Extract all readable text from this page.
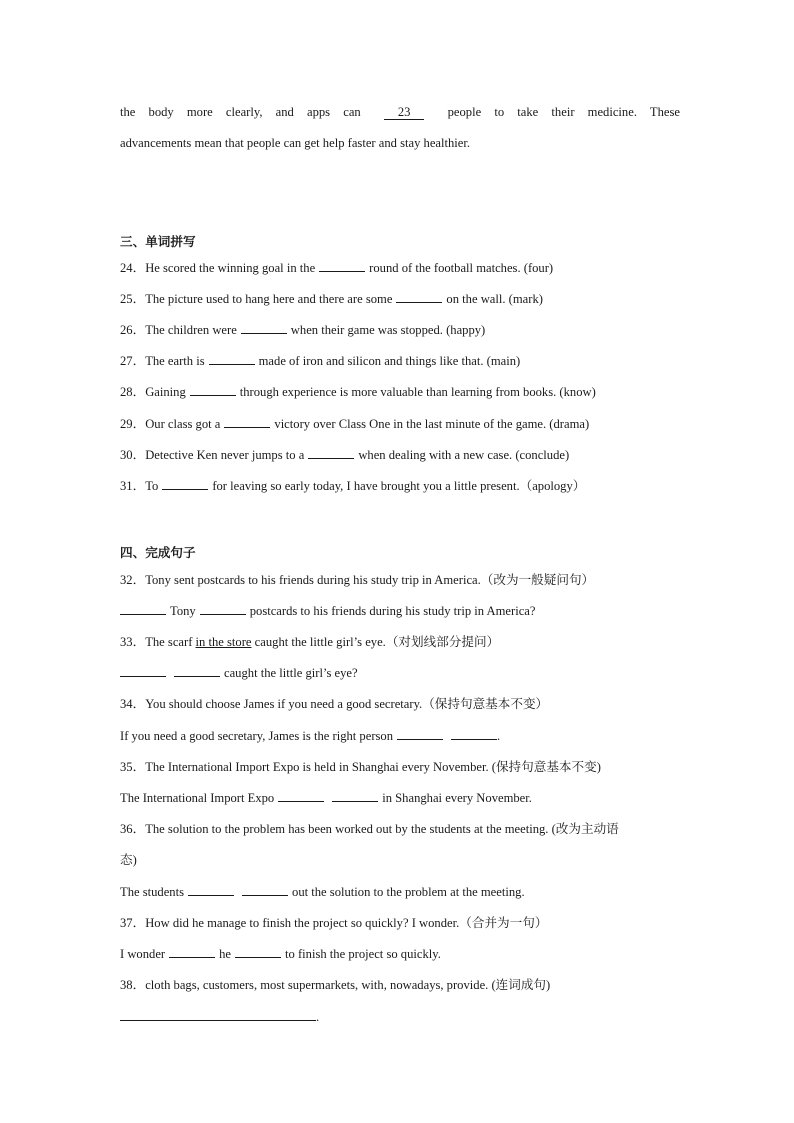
the body more clearly, and apps can	23	people to take their medicine. These
advancements mean that people can get help faster and stay healthier.
三、单词拼写
24．He scored the winning goal in the	round of the football matches. (four)
25．The picture used to hang here and there are some	on the wall. (mark)
26．The children were	when their game was stopped. (happy)
27．The earth is	made of iron and silicon and things like that. (main)
28．Gaining	through experience is more valuable than learning from books. (know)
29．Our class got a	victory over Class One in the last minute of the game. (drama)
30．Detective Ken never jumps to a	when dealing with a new case. (conclude)
31．To	for leaving so early today, I have brought you a little present.（apology）
四、完成句子
32．Tony sent postcards to his friends during his study trip in America.（改为一般疑问句）
Tony	postcards to his friends during his study trip in America?
33．The scarf in the store caught the little girl’s eye.（对划线部分提问）
caught the little girl’s eye?
34．You should choose James if you need a good secretary.（保持句意基本不变）
If you need a good secretary, James is the right person	.
35．The International Import Expo is held in Shanghai every November. (保持句意基本不变)
The International Import Expo	in Shanghai every November.
36．The solution to the problem has been worked out by the students at the meeting. (改为主动语
态)
The students	out the solution to the problem at the meeting.
37．How did he manage to finish the project so quickly? I wonder.（合并为一句）
I wonder	he	to finish the project so quickly.
38．cloth bags, customers, most supermarkets, with, nowadays, provide. (连词成句)
.
